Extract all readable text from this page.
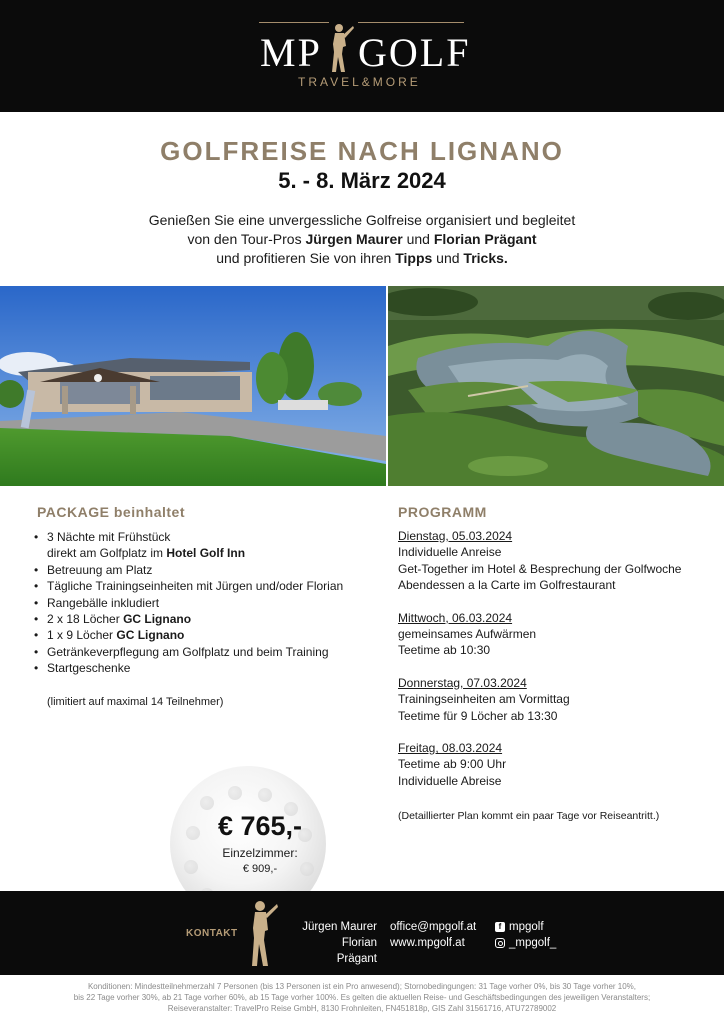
MP GOLF
TRAVEL&MORE
GOLFREISE NACH LIGNANO
5. - 8. März 2024
Genießen Sie eine unvergessliche Golfreise organisiert und begleitet
von den Tour-Pros Jürgen Maurer und Florian Prägant
und profitieren Sie von ihren Tipps und Tricks.
PACKAGE beinhaltet
• 3 Nächte mit Frühstück
direkt am Golfplatz im Hotel Golf Inn
• Betreuung am Platz
• Tägliche Trainingseinheiten mit Jürgen und/oder Florian
• Rangebälle inkludiert
• 2 x 18 Löcher GC Lignano
• 1 x 9 Löcher GC Lignano
• Getränkeverpflegung am Golfplatz und beim Training
• Startgeschenke
(limitiert auf maximal 14 Teilnehmer)
PROGRAMM
Dienstag, 05.03.2024
Individuelle Anreise
Get-Together im Hotel & Besprechung der Golfwoche
Abendessen a la Carte im Golfrestaurant
Mittwoch, 06.03.2024
gemeinsames Aufwärmen
Teetime ab 10:30
Donnerstag, 07.03.2024
Trainingseinheiten am Vormittag
Teetime für 9 Löcher ab 13:30
Freitag, 08.03.2024
Teetime ab 9:00 Uhr
Individuelle Abreise
(Detaillierter Plan kommt ein paar Tage vor Reiseantritt.)
€ 765,-
Einzelzimmer:
€ 909,-
KONTAKT
Jürgen Maurer
Florian Prägant
office@mpgolf.at
www.mpgolf.at
f mpgolf
_mpgolf_
Konditionen: Mindestteilnehmerzahl 7 Personen (bis 13 Personen ist ein Pro anwesend); Stornobedingungen: 31 Tage vorher 0%, bis 30 Tage vorher 10%,
bis 22 Tage vorher 30%, ab 21 Tage vorher 60%, ab 15 Tage vorher 100%. Es gelten die aktuellen Reise- und Geschäftsbedingungen des jeweiligen Veranstalters;
Reiseveranstalter: TravelPro Reise GmbH, 8130 Frohnleiten, FN451818p, GIS Zahl 31561716, ATU72789002
